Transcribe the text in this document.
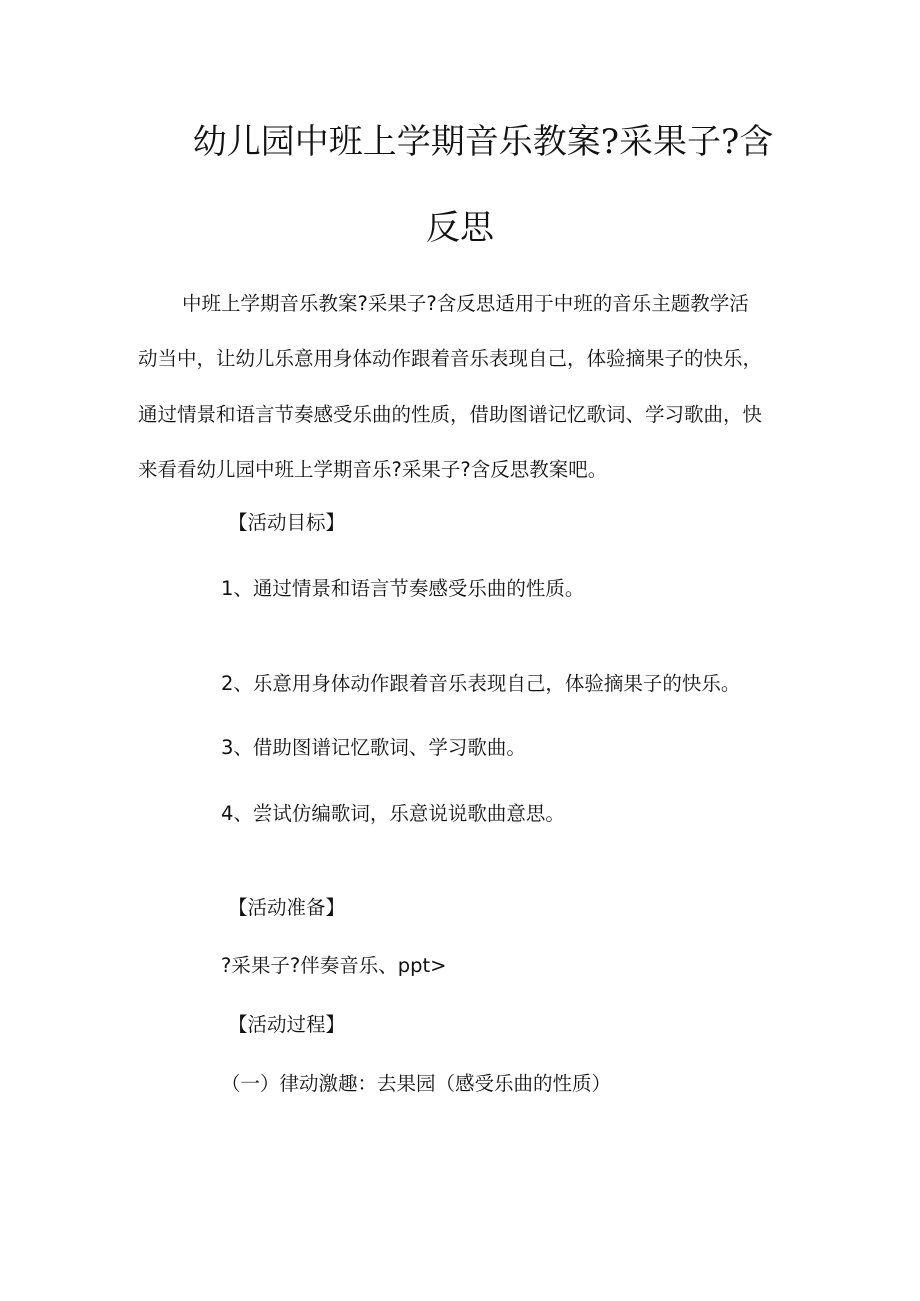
幼儿园中班上学期音乐教案?采果子?含
反思
中班上学期音乐教案?采果子?含反思适用于中班的音乐主题教学活
动当中，让幼儿乐意用身体动作跟着音乐表现自己，体验摘果子的快乐，
通过情景和语言节奏感受乐曲的性质，借助图谱记忆歌词、学习歌曲，快
来看看幼儿园中班上学期音乐?采果子?含反思教案吧。
【活动目标】
1、通过情景和语言节奏感受乐曲的性质。
2、乐意用身体动作跟着音乐表现自己，体验摘果子的快乐。
3、借助图谱记忆歌词、学习歌曲。
4、尝试仿编歌词，乐意说说歌曲意思。
【活动准备】
?采果子?伴奏音乐、ppt>
【活动过程】
（一）律动激趣：去果园（感受乐曲的性质）
